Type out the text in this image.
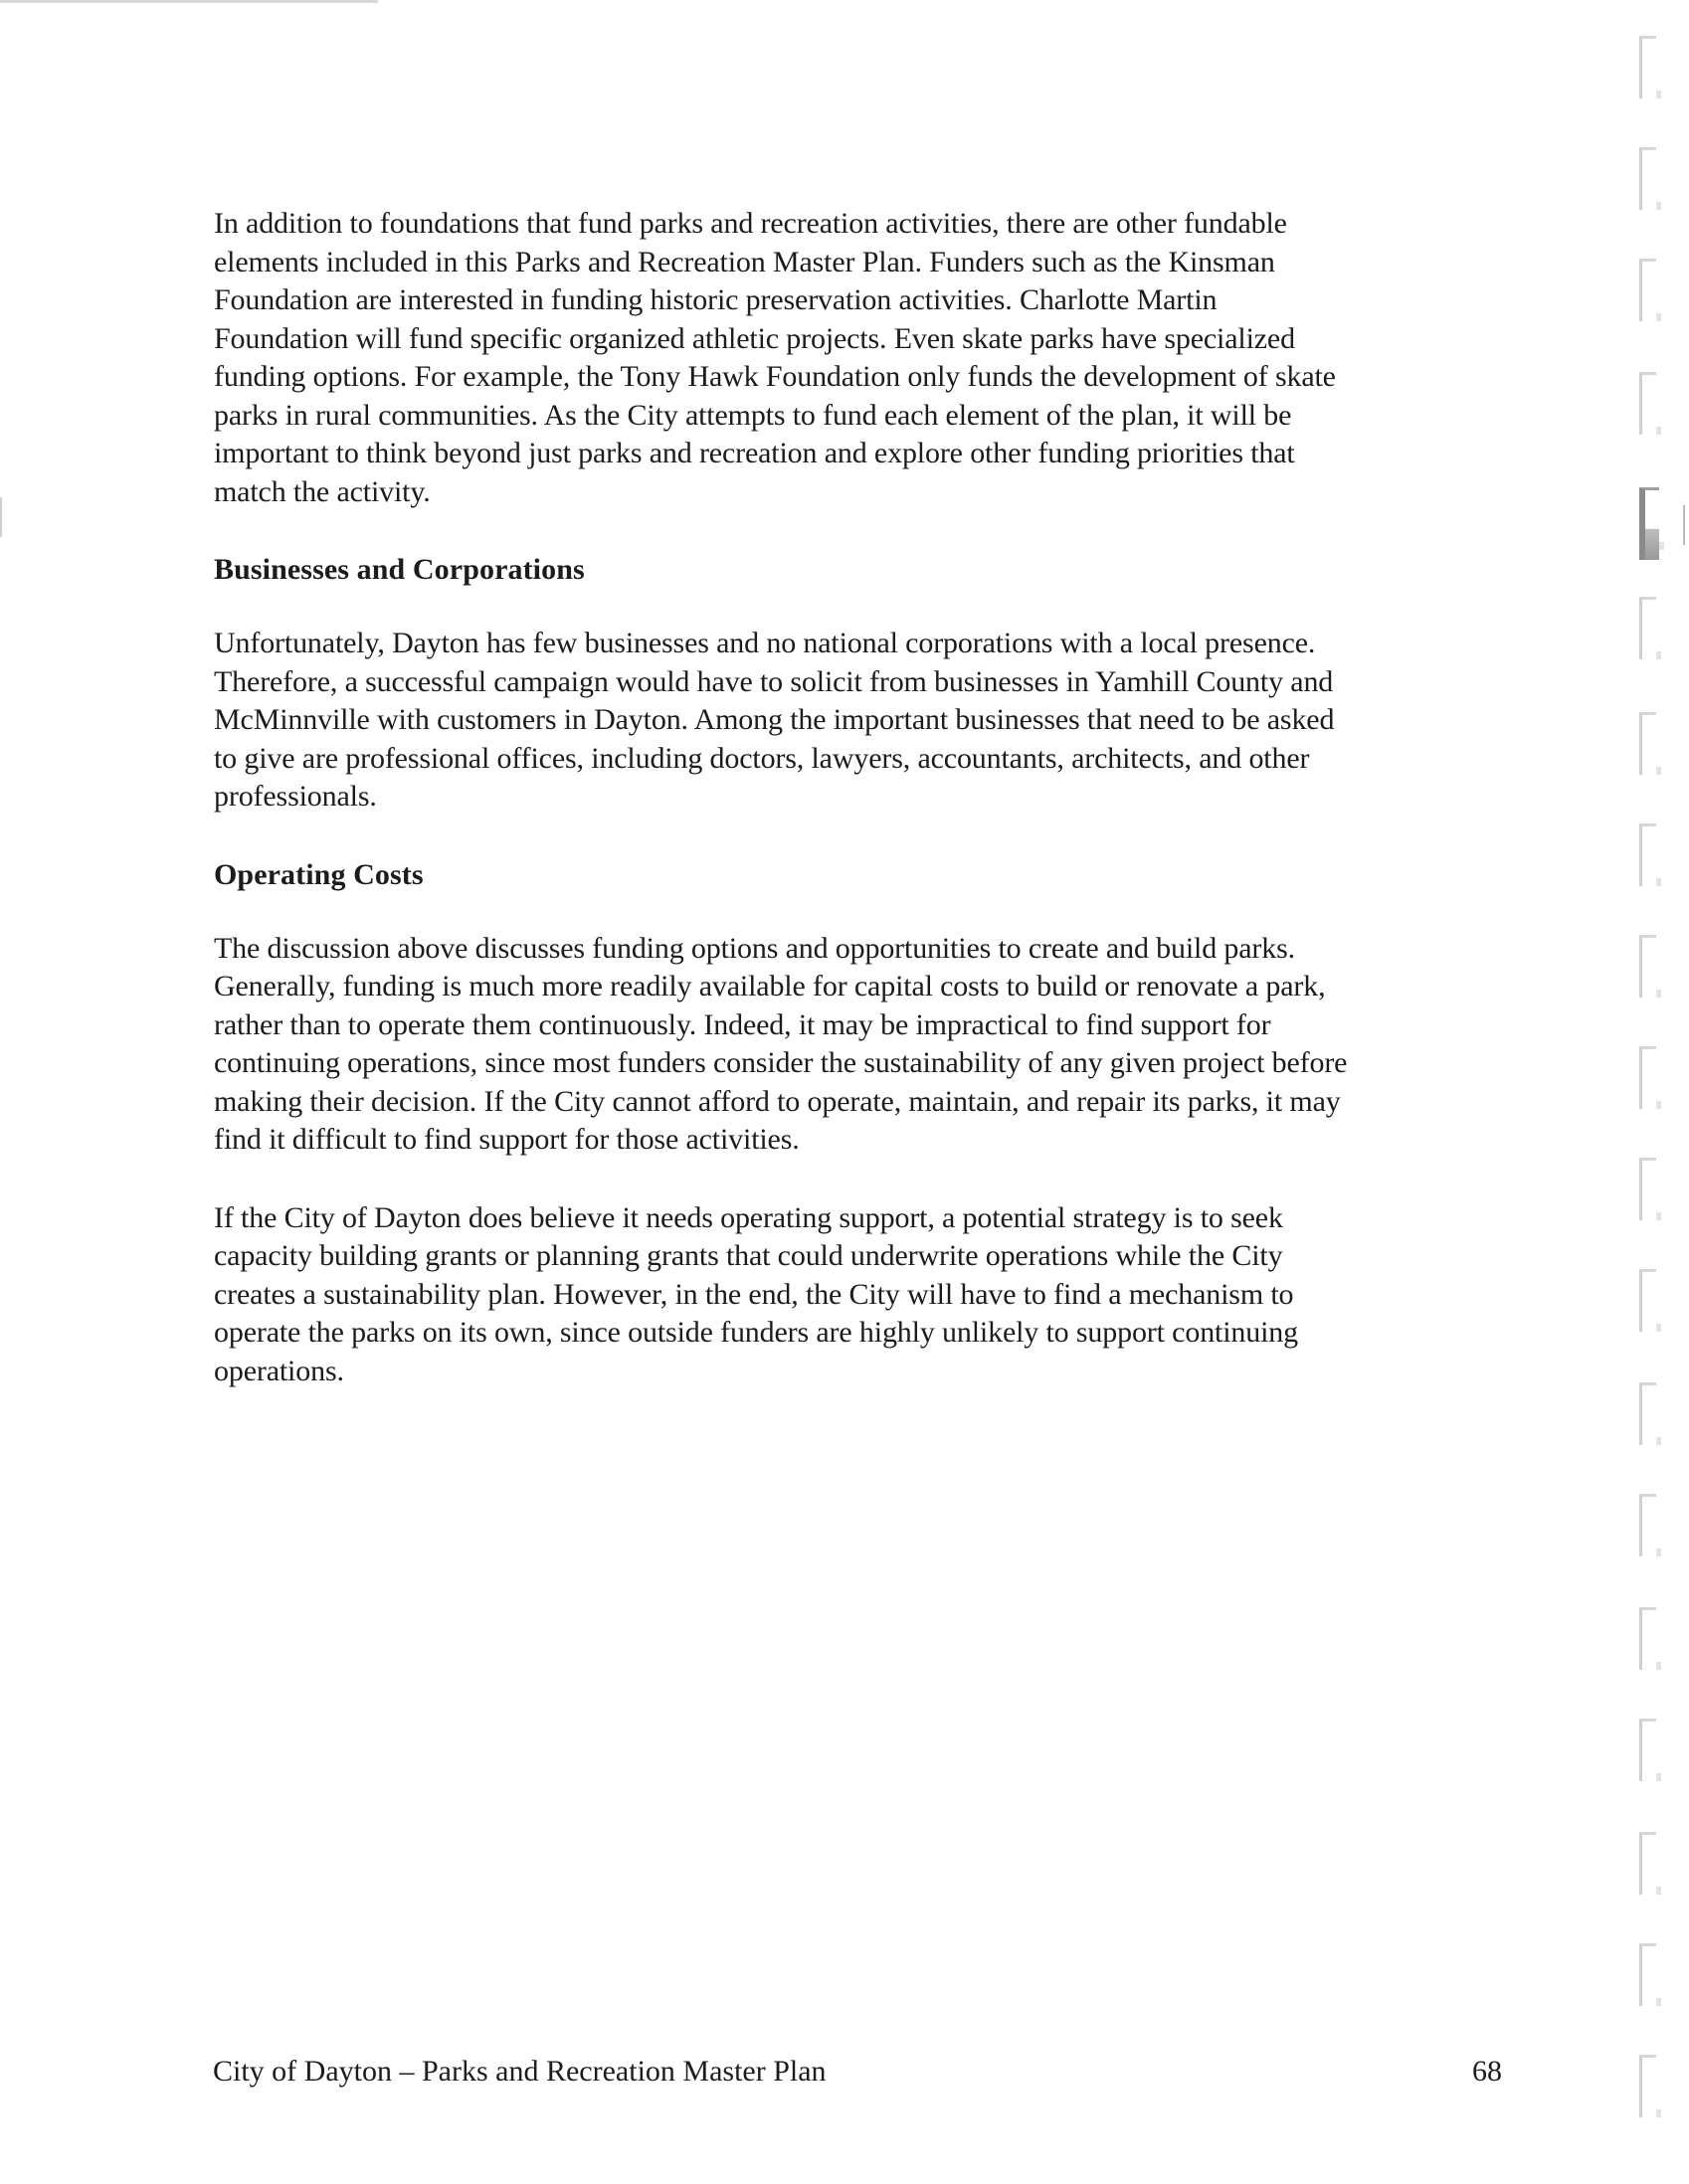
In addition to foundations that fund parks and recreation activities, there are other fundable
elements included in this Parks and Recreation Master Plan. Funders such as the Kinsman
Foundation are interested in funding historic preservation activities. Charlotte Martin
Foundation will fund specific organized athletic projects. Even skate parks have specialized
funding options. For example, the Tony Hawk Foundation only funds the development of skate
parks in rural communities. As the City attempts to fund each element of the plan, it will be
important to think beyond just parks and recreation and explore other funding priorities that
match the activity.

Businesses and Corporations

Unfortunately, Dayton has few businesses and no national corporations with a local presence.
Therefore, a successful campaign would have to solicit from businesses in Yamhill County and
McMinnville with customers in Dayton. Among the important businesses that need to be asked
to give are professional offices, including doctors, lawyers, accountants, architects, and other
professionals.

Operating Costs

The discussion above discusses funding options and opportunities to create and build parks.
Generally, funding is much more readily available for capital costs to build or renovate a park,
rather than to operate them continuously. Indeed, it may be impractical to find support for
continuing operations, since most funders consider the sustainability of any given project before
making their decision. If the City cannot afford to operate, maintain, and repair its parks, it may
find it difficult to find support for those activities.

If the City of Dayton does believe it needs operating support, a potential strategy is to seek
capacity building grants or planning grants that could underwrite operations while the City
creates a sustainability plan. However, in the end, the City will have to find a mechanism to
operate the parks on its own, since outside funders are highly unlikely to support continuing
operations.

City of Dayton – Parks and Recreation Master Plan	68
